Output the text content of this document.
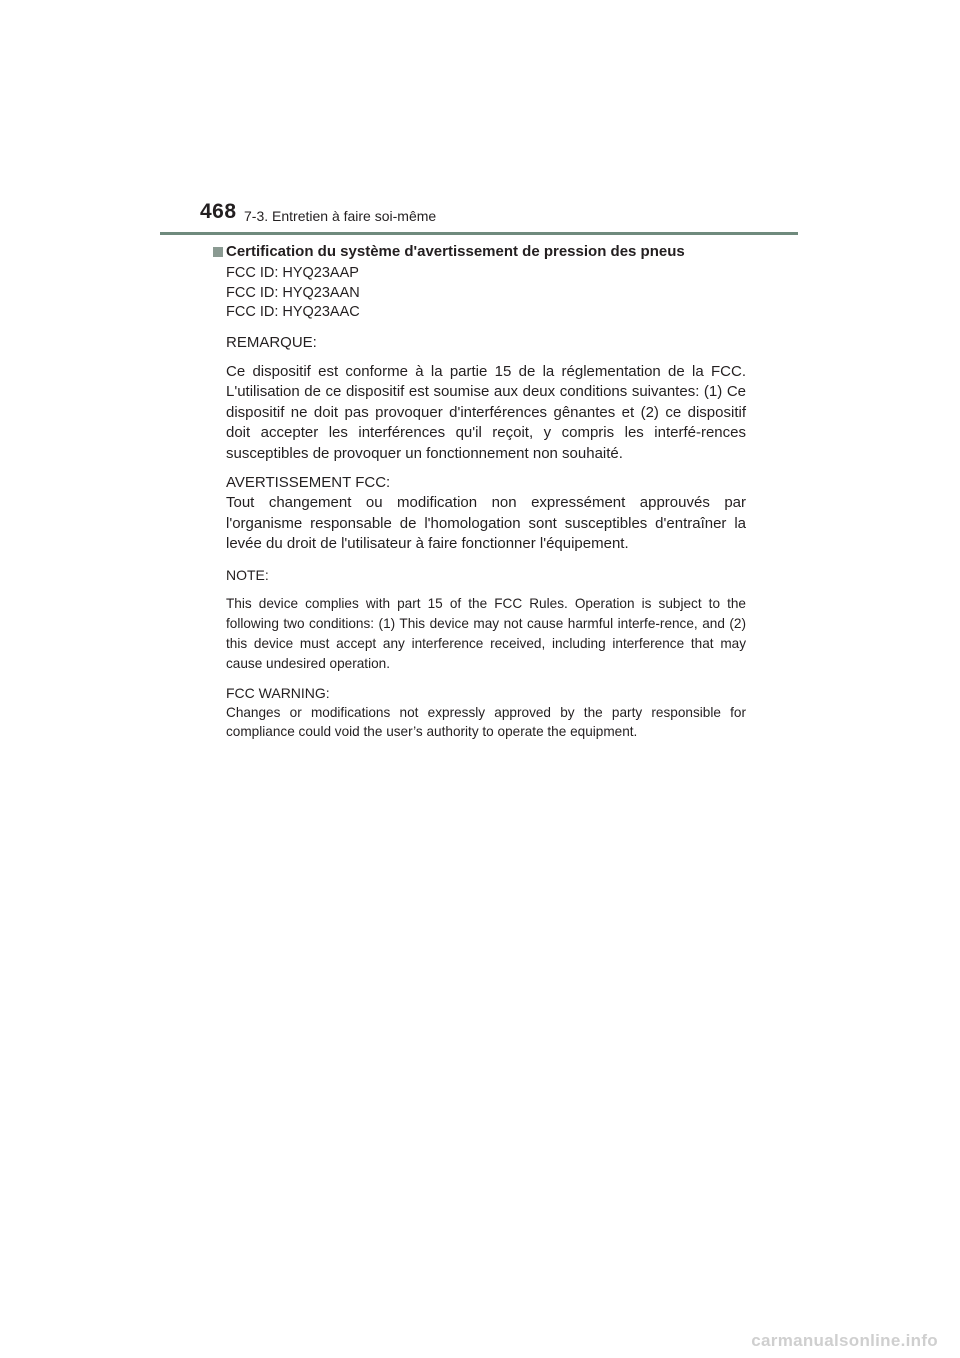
468 7-3. Entretien à faire soi-même
Certification du système d'avertissement de pression des pneus

FCC ID: HYQ23AAP

FCC ID: HYQ23AAN

FCC ID: HYQ23AAC

REMARQUE:

Ce dispositif est conforme à la partie 15 de la réglementation de la FCC. L'utilisation de ce dispositif est soumise aux deux conditions suivantes: (1) Ce dispositif ne doit pas provoquer d'interférences gênantes et (2) ce dispositif doit accepter les interférences qu'il reçoit, y compris les interfé-rences susceptibles de provoquer un fonctionnement non souhaité.

AVERTISSEMENT FCC:

Tout changement ou modification non expressément approuvés par l'organisme responsable de l'homologation sont susceptibles d'entraîner la levée du droit de l'utilisateur à faire fonctionner l'équipement.

NOTE:

This device complies with part 15 of the FCC Rules. Operation is subject to the following two conditions: (1) This device may not cause harmful interfe-rence, and (2) this device must accept any interference received, including interference that may cause undesired operation.

FCC WARNING:

Changes or modifications not expressly approved by the party responsible for compliance could void the user’s authority to operate the equipment.

carmanualsonline.info
